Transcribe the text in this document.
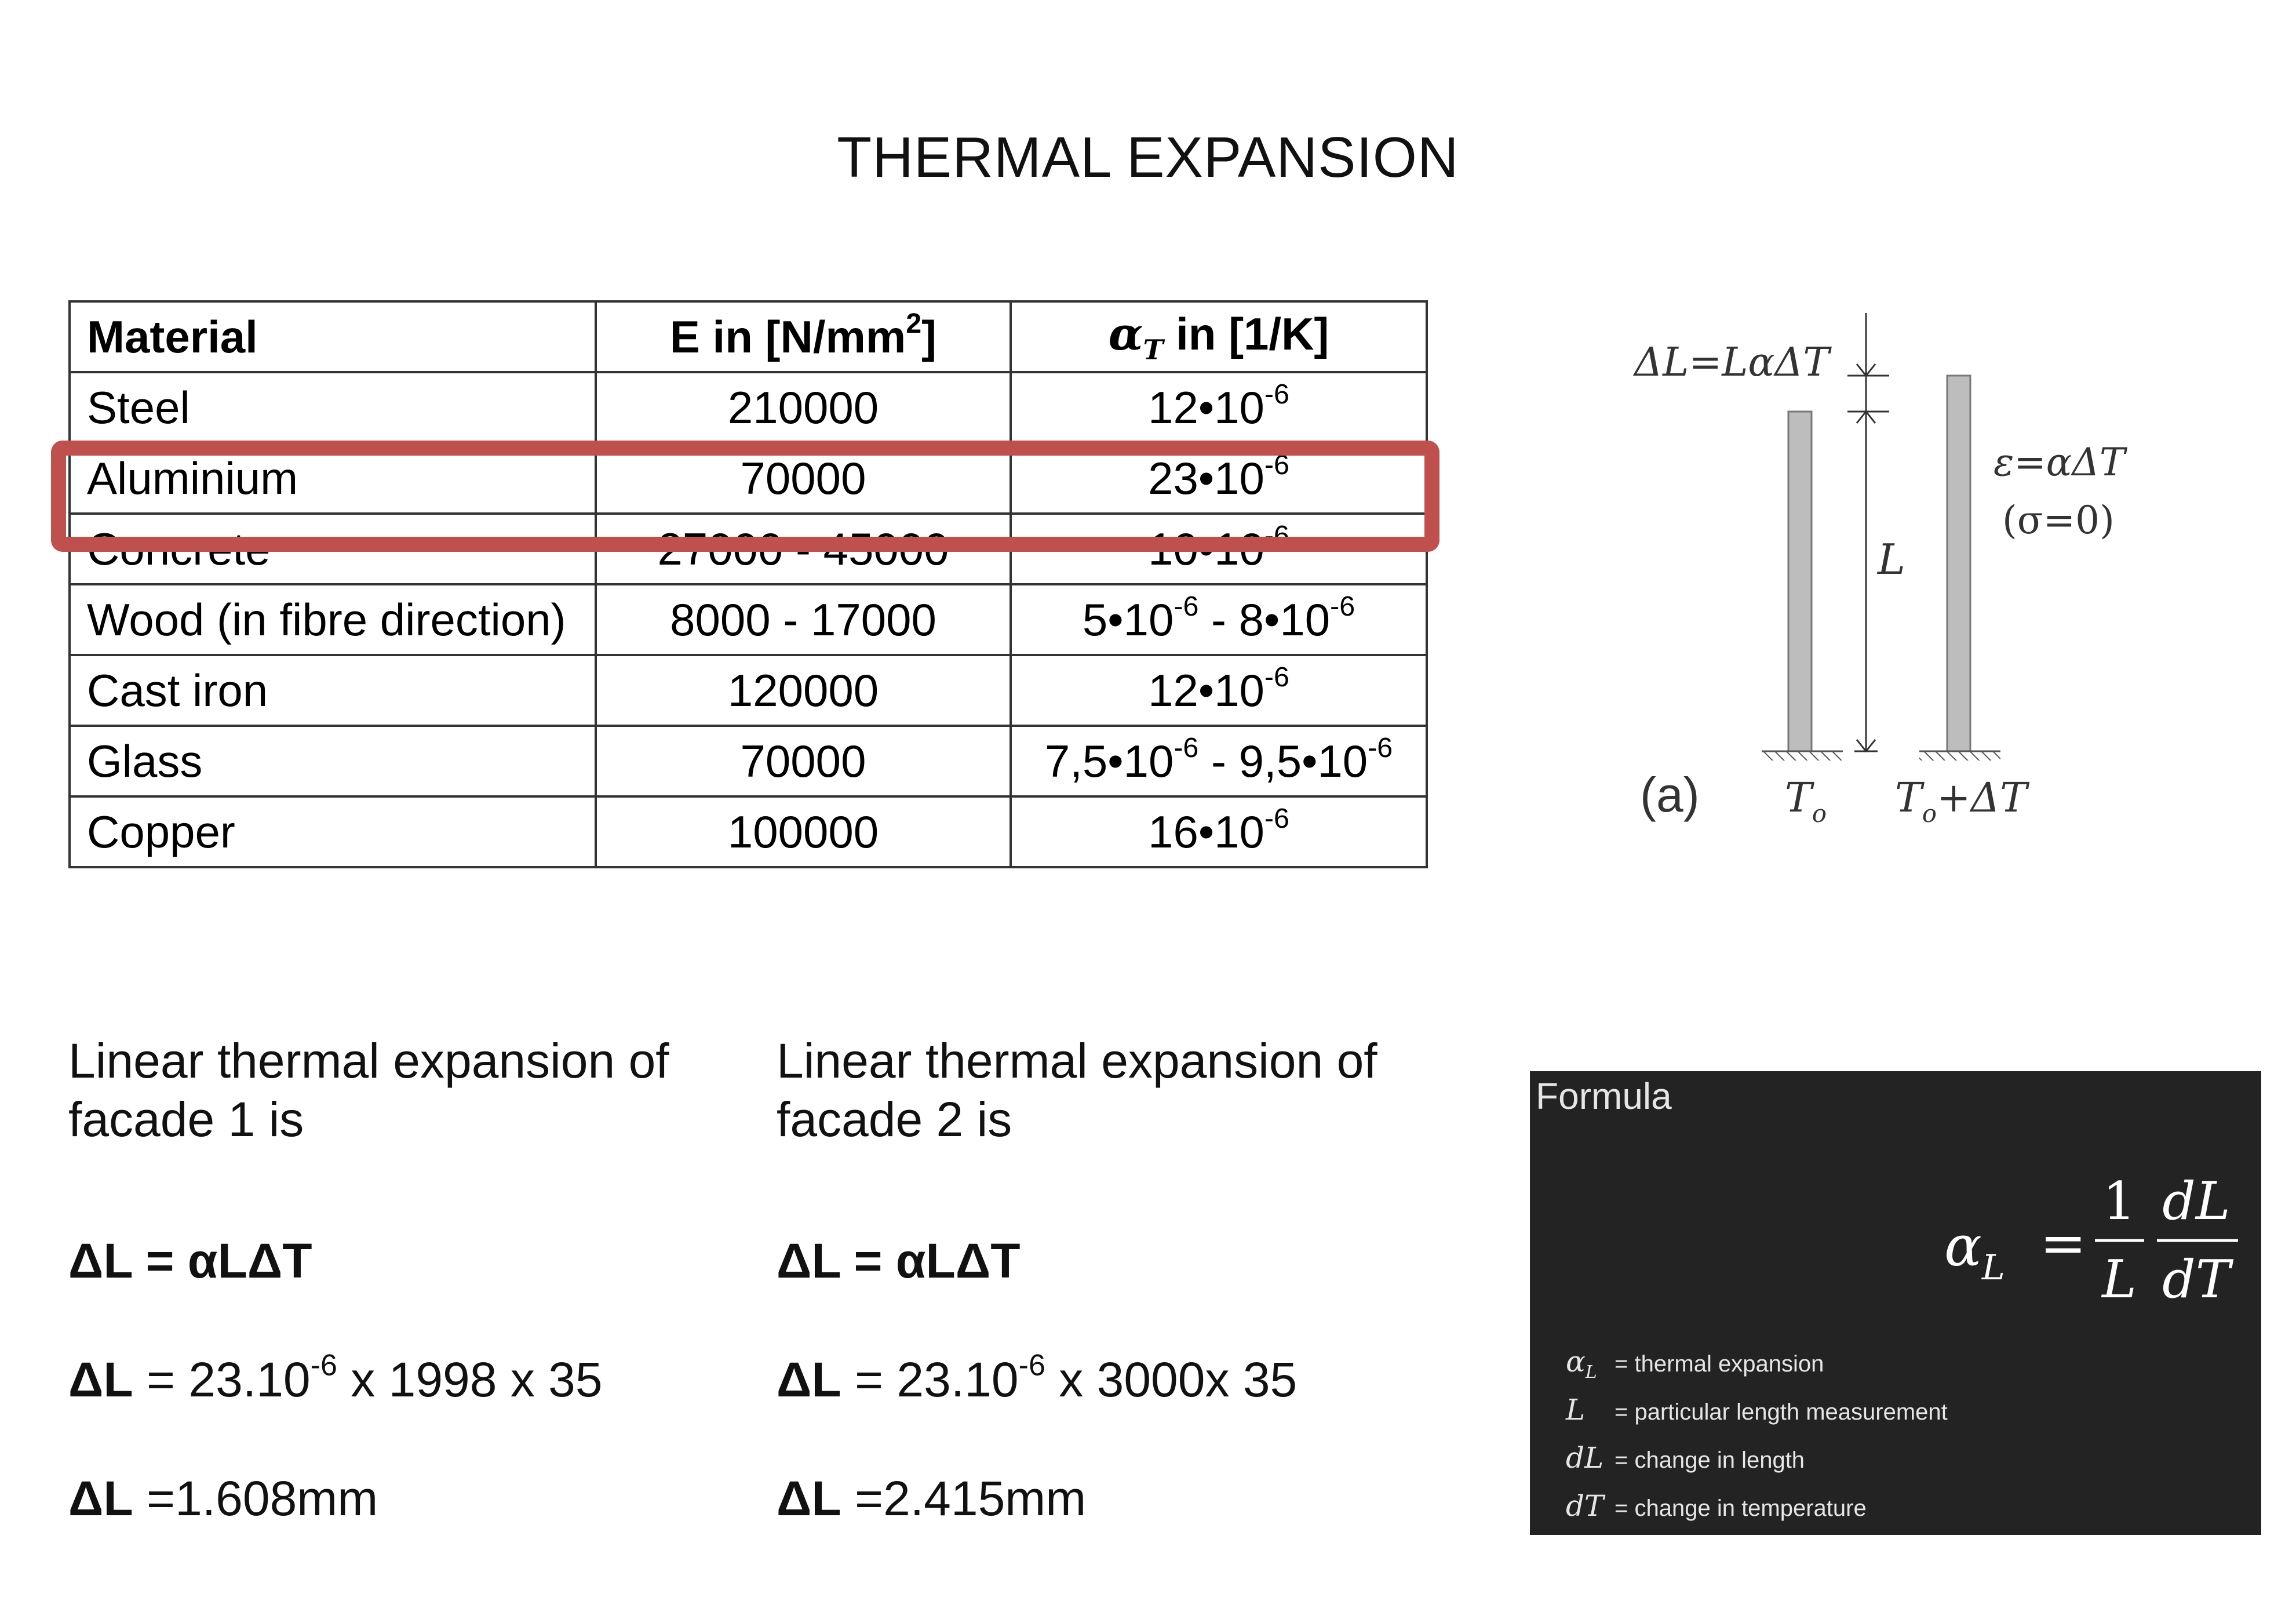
THERMAL EXPANSION
Material	E in $[N/mm^2]$	$\alpha_T$ in [1/K]
Steel	210000	$12•10^{-6}$
Aluminium	70000	$23•10^{-6}$
Concrete	27000 - 45000	$10•10^{-6}$
Wood (in fibre direction)	8000 - 17000	$5•10^{-6}$ - $8•10^{-6}$
Cast iron	120000	$12•10^{-6}$
Glass	70000	$7,5•10^{-6}$ - $9,5•10^{-6}$
Copper	100000	$16•10^{-6}$
ΔL=LαΔT
L
ε=αΔT
(σ=0)
(a) $T_o$ $T_o+\Delta T$
Linear thermal expansion of facade 1 is
ΔL = αLΔT
$\Delta L = 23.10^{-6}$ x 1998 x 35
ΔL =1.608mm
Linear thermal expansion of facade 2 is
ΔL = αLΔT
$\Delta L = 23.10^{-6}$ x 3000x 35
ΔL =2.415mm
Formula
$\alpha_L$ =
1
L
dL
dT
$\alpha_L$ = thermal expansion
L = particular length measurement
dL = change in length
dT = change in temperature
